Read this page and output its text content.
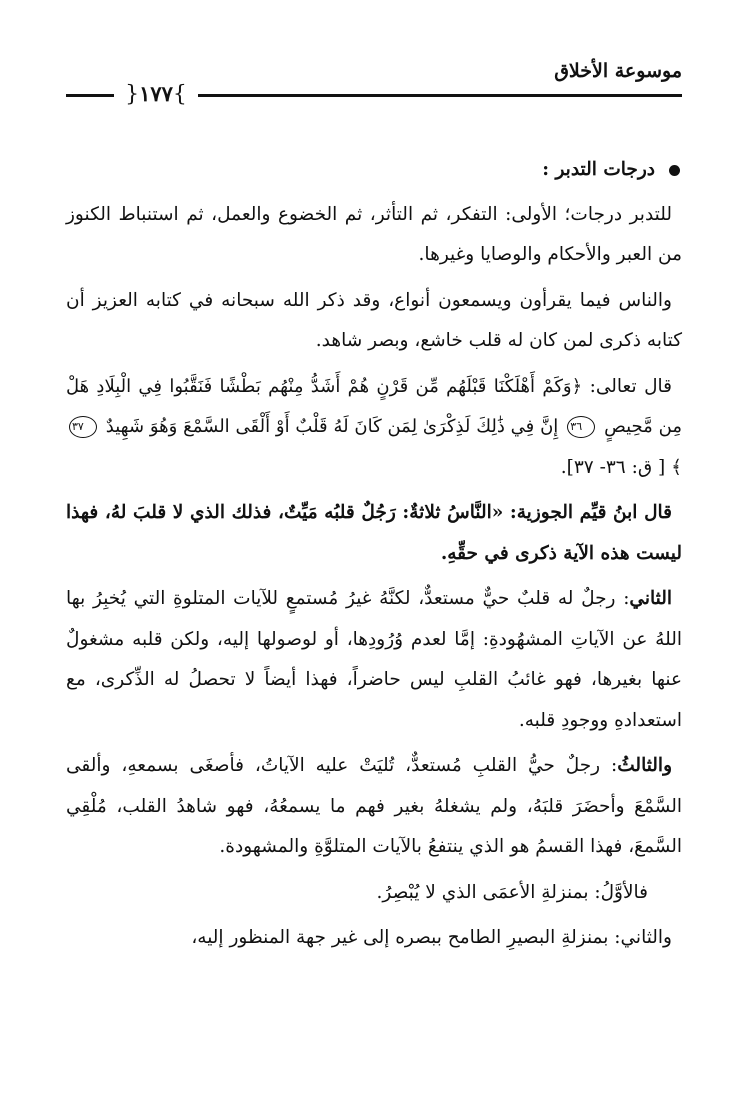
موسوعة الأخلاق
}١٧٧{
درجات التدبر :

للتدبر درجات؛ الأولى: التفكر، ثم التأثر، ثم الخضوع والعمل، ثم استنباط الكنوز من العبر والأحكام والوصايا وغيرها.

والناس فيما يقرأون ويسمعون أنواع، وقد ذكر الله سبحانه في كتابه العزيز أن كتابه ذكرى لمن كان له قلب خاشع، وبصر شاهد.

قال تعالى: ﴿وَكَمْ أَهْلَكْنَا قَبْلَهُم مِّن قَرْنٍ هُمْ أَشَدُّ مِنْهُم بَطْشًا فَنَقَّبُوا فِي الْبِلَادِ هَلْ مِن مَّحِيصٍ ٣٦ إِنَّ فِي ذَٰلِكَ لَذِكْرَىٰ لِمَن كَانَ لَهُ قَلْبٌ أَوْ أَلْقَى السَّمْعَ وَهُوَ شَهِيدٌ ٣٧﴾ [ ق: ٣٦- ٣٧].

قال ابنُ قيِّم الجوزية: «النَّاسُ ثلاثةٌ: رَجُلٌ قلبُه مَيِّتٌ، فذلك الذي لا قلبَ لهُ، فهذا ليست هذه الآية ذكرى في حقِّهِ.

الثاني: رجلٌ له قلبٌ حيٌّ مستعدٌّ، لكنَّهُ غيرُ مُستمعٍ للآيات المتلوةِ التي يُخبِرُ بها اللهُ عن الآياتِ المشهُودةِ: إمَّا لعدم وُرُودِها، أو لوصولها إليه، ولكن قلبه مشغولٌ عنها بغيرها، فهو غائبُ القلبِ ليس حاضراً، فهذا أيضاً لا تحصلُ له الذِّكرى، مع استعدادهِ ووجودِ قلبه.

والثالثُ: رجلٌ حيُّ القلبِ مُستعدٌّ، تُليَتْ عليه الآياتُ، فأصغَى بسمعهِ، وألقى السَّمْعَ وأحضَرَ قلبَهُ، ولم يشغلهُ بغير فهم ما يسمعُهُ، فهو شاهدُ القلب، مُلْقِي السَّمعَ، فهذا القسمُ هو الذي ينتفعُ بالآيات المتلوَّةِ والمشهودة.

فالأوَّلُ: بمنزلةِ الأعمَى الذي لا يُبْصِرُ.

والثاني: بمنزلةِ البصيرِ الطامح ببصره إلى غير جهة المنظور إليه،
